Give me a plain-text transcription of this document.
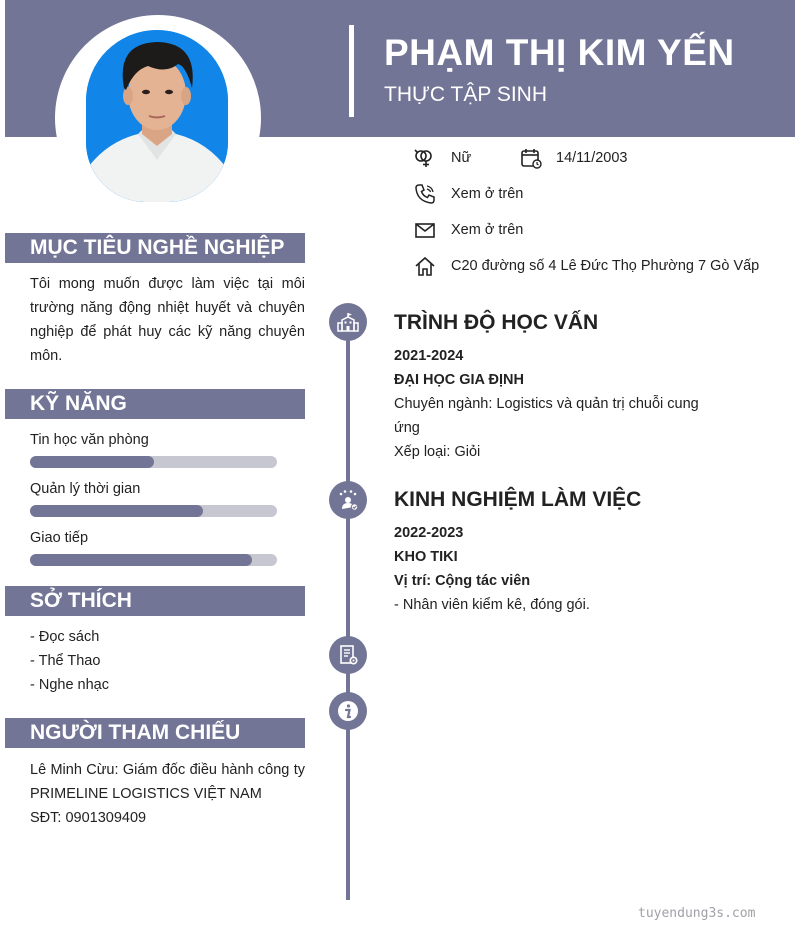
PHẠM THỊ KIM YẾN
THỰC TẬP SINH
Nữ	14/11/2003
Xem ở trên
Xem ở trên
C20 đường số 4 Lê Đức Thọ Phường 7 Gò Vấp
MỤC TIÊU NGHỀ NGHIỆP
Tôi mong muốn được làm việc tại môi trường năng động nhiệt huyết và chuyên nghiệp để phát huy các kỹ năng chuyên môn.
KỸ NĂNG
Tin học văn phòng
Quản lý thời gian
Giao tiếp
SỞ THÍCH
- Đọc sách
- Thể Thao
- Nghe nhạc
NGƯỜI THAM CHIẾU
Lê Minh Cừu: Giám đốc điều hành công ty PRIMELINE LOGISTICS VIỆT NAM
SĐT: 0901309409
TRÌNH ĐỘ HỌC VẤN
2021-2024
ĐẠI HỌC GIA ĐỊNH
Chuyên ngành: Logistics và quản trị chuỗi cung
ứng
Xếp loại: Giỏi
KINH NGHIỆM LÀM VIỆC
2022-2023
KHO TIKI
Vị trí: Cộng tác viên
- Nhân viên kiểm kê, đóng gói.
tuyendung3s.com
